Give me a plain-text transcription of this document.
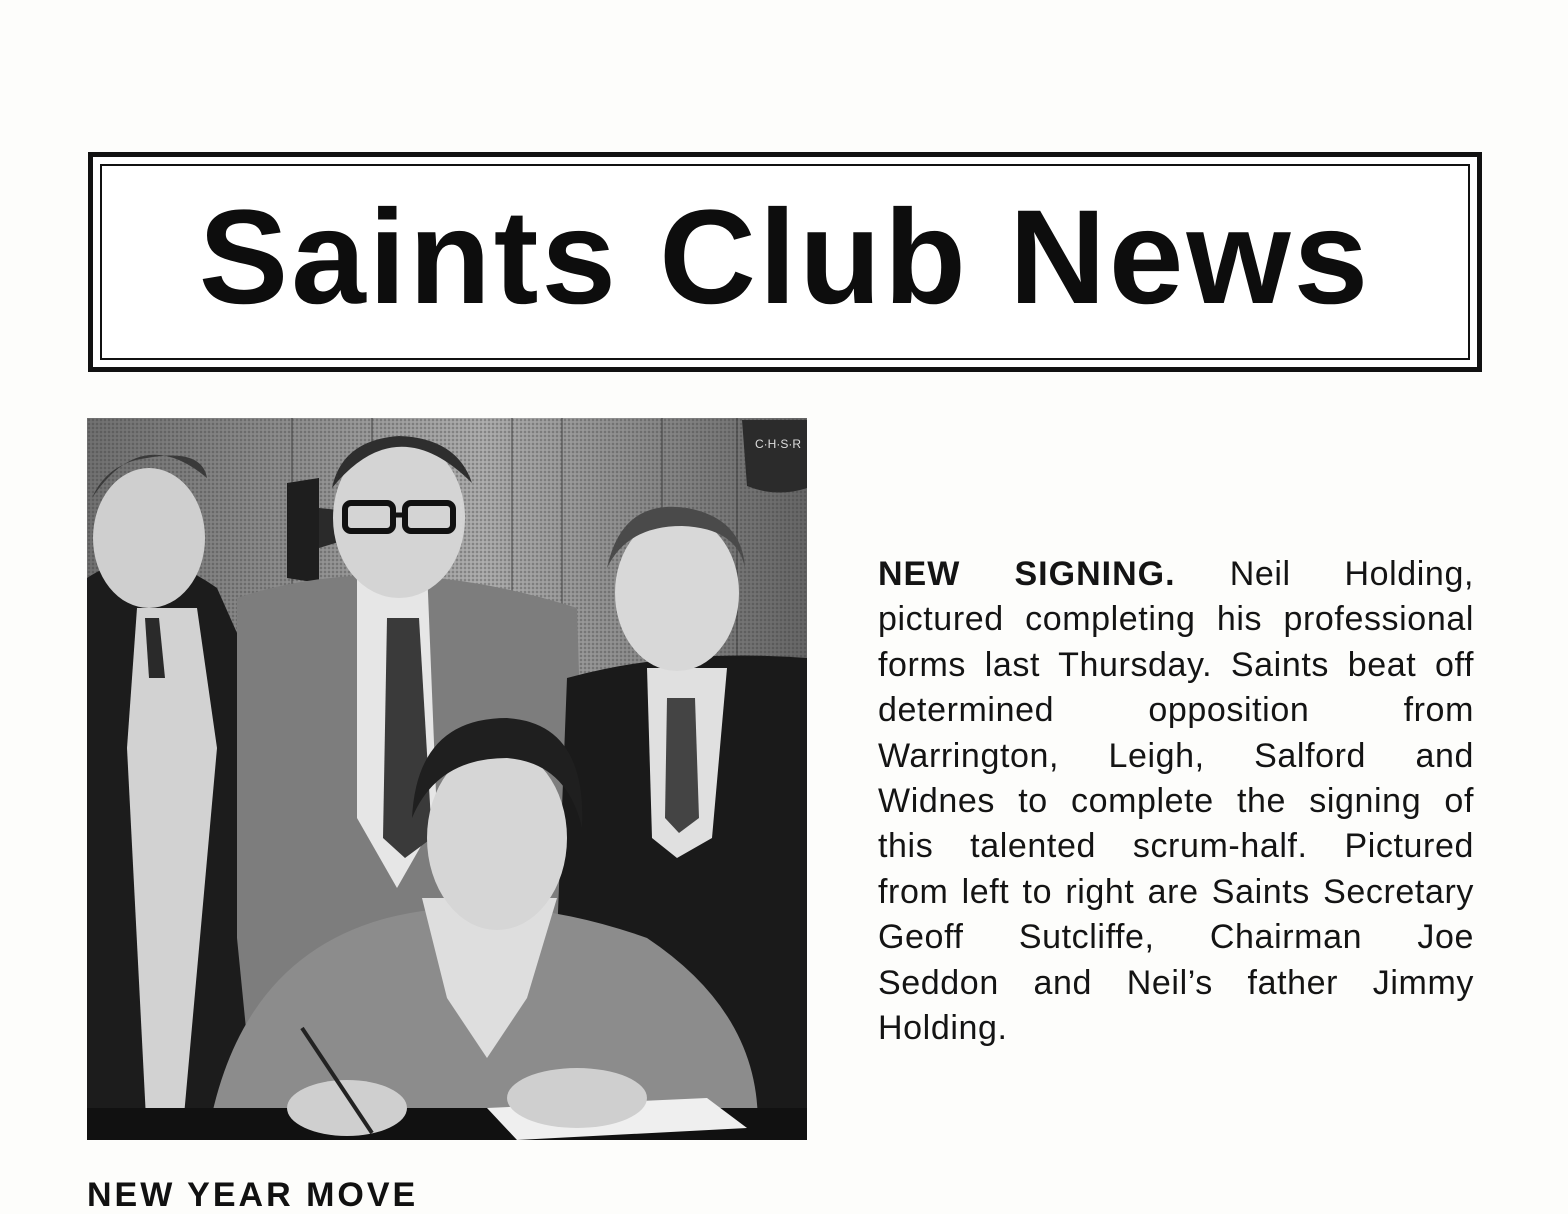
Saints Club News
C·H·S·R
NEW SIGNING. Neil Holding, pictured completing his professional forms last Thursday. Saints beat off determined opposition from Warrington, Leigh, Salford and Widnes to complete the signing of this talented scrum-half. Pictured from left to right are Saints Secretary Geoff Sutcliffe, Chairman Joe Seddon and Neil’s father Jimmy Holding.
NEW YEAR MOVE
